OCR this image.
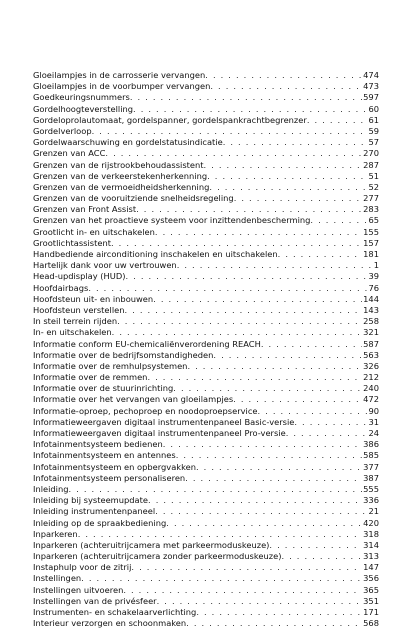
Gloeilampjes in de carrosserie vervangen . . .	474
Gloeilampjes in de voorbumper vervangen . . .	473
Goedkeuringsnummers . . .	597
Gordelhoogteverstelling . . .	60
Gordeloprolautomaat, gordelspanner, gordelspankrachtbegrenzer . . .	61
Gordelverloop . . .	59
Gordelwaarschuwing en gordelstatusindicatie . . .	57
Grenzen van ACC . . .	270
Grenzen van de rijstrookbehoudassistent . . .	287
Grenzen van de verkeerstekenherkenning . . .	51
Grenzen van de vermoeidheidsherkenning . . .	52
Grenzen van de vooruitziende snelheidsregeling . . .	277
Grenzen van Front Assist . . .	283
Grenzen van het proactieve systeem voor inzittendenbescherming . . .	65
Grootlicht in- en uitschakelen . . .	155
Grootlichtassistent . . .	157
Handbediende airconditioning inschakelen en uitschakelen . . .	181
Hartelijk dank voor uw vertrouwen . . .	1
Head-updisplay (HUD) . . .	39
Hoofdairbags . . .	76
Hoofdsteun uit- en inbouwen . . .	144
Hoofdsteun verstellen . . .	143
In steil terrein rijden . . .	258
In- en uitschakelen . . .	321
Informatie conform EU-chemicaliënverordening REACH . . .	587
Informatie over de bedrijfsomstandigheden . . .	563
Informatie over de remhulpsystemen . . .	326
Informatie over de remmen . . .	212
Informatie over de stuurinrichting . . .	240
Informatie over het vervangen van gloeilampjes . . .	472
Informatie-oproep, pechoproep en noodoproepservice . . .	90
Informatieweergaven digitaal instrumentenpaneel Basic-versie . . .	31
Informatieweergaven digitaal instrumentenpaneel Pro-versie . . .	24
Infotainmentsysteem bedienen . . .	386
Infotainmentsysteem en antennes . . .	585
Infotainmentsysteem en opbergvakken . . .	377
Infotainmentsysteem personaliseren . . .	387
Inleiding . . .	555
Inleiding bij systeemupdate . . .	336
Inleiding instrumentenpaneel . . .	21
Inleiding op de spraakbediening . . .	420
Inparkeren . . .	318
Inparkeren (achteruitrijcamera met parkeermoduskeuze) . . .	314
Inparkeren (achteruitrijcamera zonder parkeermoduskeuze) . . .	313
Instaphulp voor de zitrij . . .	147
Instellingen . . .	356
Instellingen uitvoeren . . .	365
Instellingen van de privésfeer . . .	351
Instrumenten- en schakelaarverlichting . . .	171
Interieur verzorgen en schoonmaken . . .	568
